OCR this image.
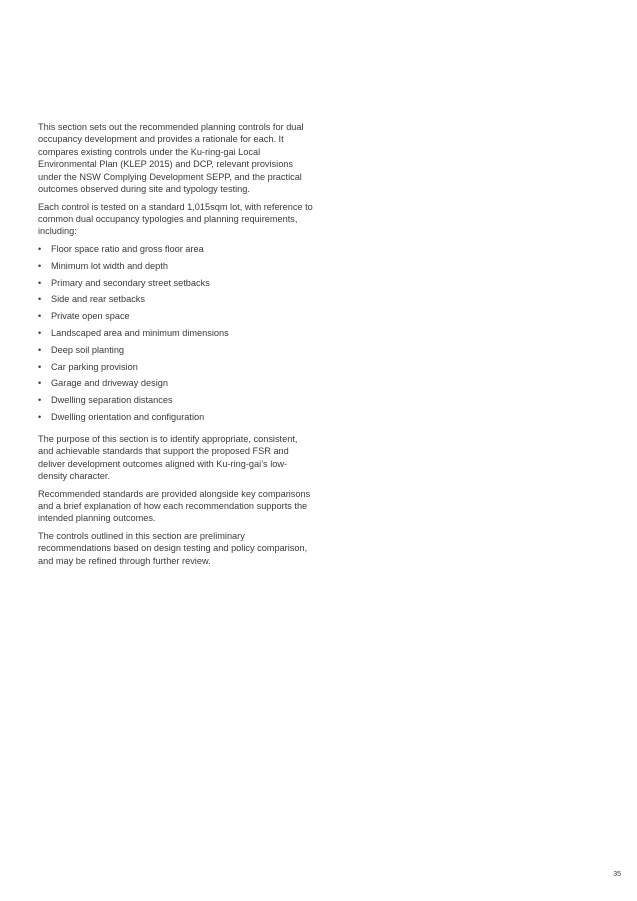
This section sets out the recommended planning controls for dual occupancy development and provides a rationale for each. It compares existing controls under the Ku-ring-gai Local Environmental Plan (KLEP 2015) and DCP, relevant provisions under the NSW Complying Development SEPP, and the practical outcomes observed during site and typology testing.

Each control is tested on a standard 1,015sqm lot, with reference to common dual occupancy typologies and planning requirements, including:

• Floor space ratio and gross floor area
• Minimum lot width and depth
• Primary and secondary street setbacks
• Side and rear setbacks
• Private open space
• Landscaped area and minimum dimensions
• Deep soil planting
• Car parking provision
• Garage and driveway design
• Dwelling separation distances
• Dwelling orientation and configuration

The purpose of this section is to identify appropriate, consistent, and achievable standards that support the proposed FSR and deliver development outcomes aligned with Ku-ring-gai’s low-density character.

Recommended standards are provided alongside key comparisons and a brief explanation of how each recommendation supports the intended planning outcomes.

The controls outlined in this section are preliminary recommendations based on design testing and policy comparison, and may be refined through further review.

35
